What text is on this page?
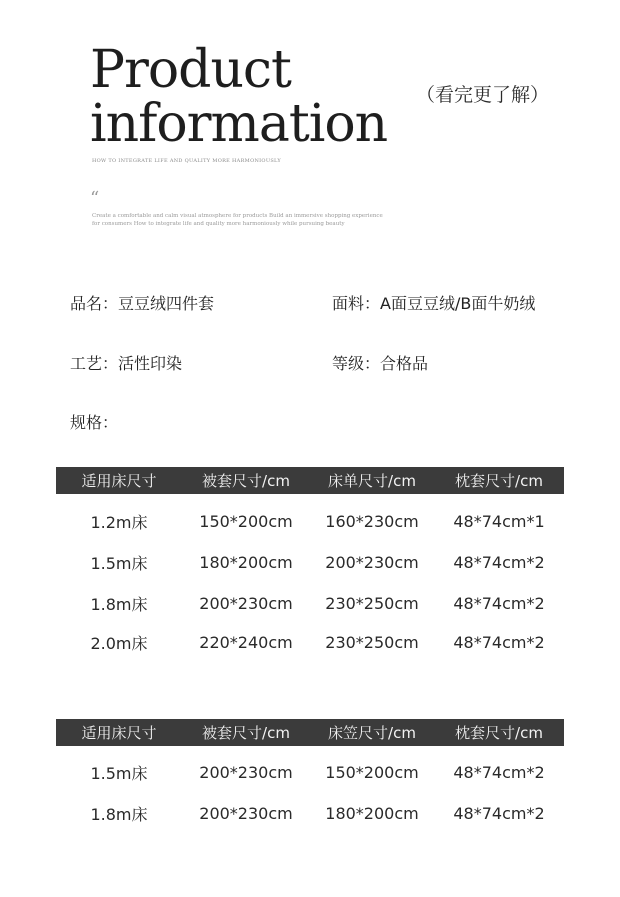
Product
information
HOW TO INTEGRATE LIFE AND QUALITY MORE HARMONIOUSLY
“
Create a comfortable and calm visual atmosphere for products Build an immersive shopping experience for consumers How to integrate life and quality more harmoniously while pursuing beauty
（看完更了解）
品名：豆豆绒四件套	面料：A面豆豆绒/B面牛奶绒
工艺：活性印染	等级：合格品
规格：
适用床尺寸	被套尺寸/cm	床单尺寸/cm	枕套尺寸/cm
1.2m床	150*200cm	160*230cm	48*74cm*1
1.5m床	180*200cm	200*230cm	48*74cm*2
1.8m床	200*230cm	230*250cm	48*74cm*2
2.0m床	220*240cm	230*250cm	48*74cm*2
适用床尺寸	被套尺寸/cm	床笠尺寸/cm	枕套尺寸/cm
1.5m床	200*230cm	150*200cm	48*74cm*2
1.8m床	200*230cm	180*200cm	48*74cm*2
